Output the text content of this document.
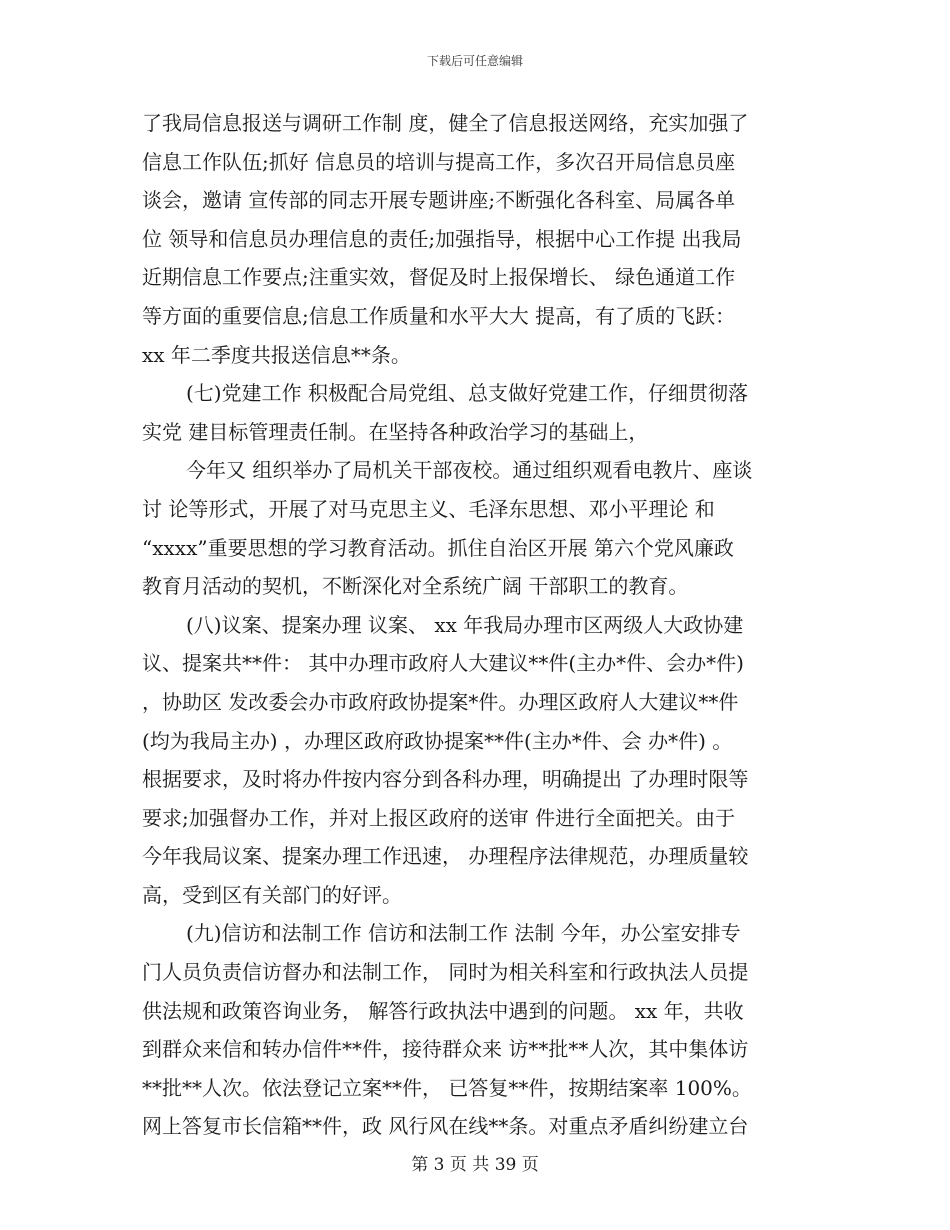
下载后可任意编辑
了我局信息报送与调研工作制 度，健全了信息报送网络，充实加强了
信息工作队伍;抓好 信息员的培训与提高工作，多次召开局信息员座
谈会，邀请 宣传部的同志开展专题讲座;不断强化各科室、局属各单
位 领导和信息员办理信息的责任;加强指导，根据中心工作提 出我局
近期信息工作要点;注重实效，督促及时上报保增长、 绿色通道工作
等方面的重要信息;信息工作质量和水平大大 提高，有了质的飞跃：
xx 年二季度共报送信息**条。
(七)党建工作 积极配合局党组、总支做好党建工作，仔细贯彻落
实党 建目标管理责任制。在坚持各种政治学习的基础上，
今年又 组织举办了局机关干部夜校。通过组织观看电教片、座谈
讨 论等形式，开展了对马克思主义、毛泽东思想、邓小平理论 和
“xxxx”重要思想的学习教育活动。抓住自治区开展 第六个党风廉政
教育月活动的契机，不断深化对全系统广阔 干部职工的教育。
(八)议案、提案办理 议案、 xx 年我局办理市区两级人大政协建
议、提案共**件： 其中办理市政府人大建议**件(主办*件、会办*件)
，协助区 发改委会办市政府政协提案*件。办理区政府人大建议**件
(均为我局主办) ，办理区政府政协提案**件(主办*件、会 办*件) 。
根据要求，及时将办件按内容分到各科办理，明确提出 了办理时限等
要求;加强督办工作，并对上报区政府的送审 件进行全面把关。由于
今年我局议案、提案办理工作迅速， 办理程序法律规范，办理质量较
高，受到区有关部门的好评。
(九)信访和法制工作 信访和法制工作 法制 今年，办公室安排专
门人员负责信访督办和法制工作， 同时为相关科室和行政执法人员提
供法规和政策咨询业务， 解答行政执法中遇到的问题。 xx 年，共收
到群众来信和转办信件**件，接待群众来 访**批**人次，其中集体访
**批**人次。依法登记立案**件， 已答复**件，按期结案率 100%。
网上答复市长信箱**件，政 风行风在线**条。对重点矛盾纠纷建立台
第 3 页 共 39 页
